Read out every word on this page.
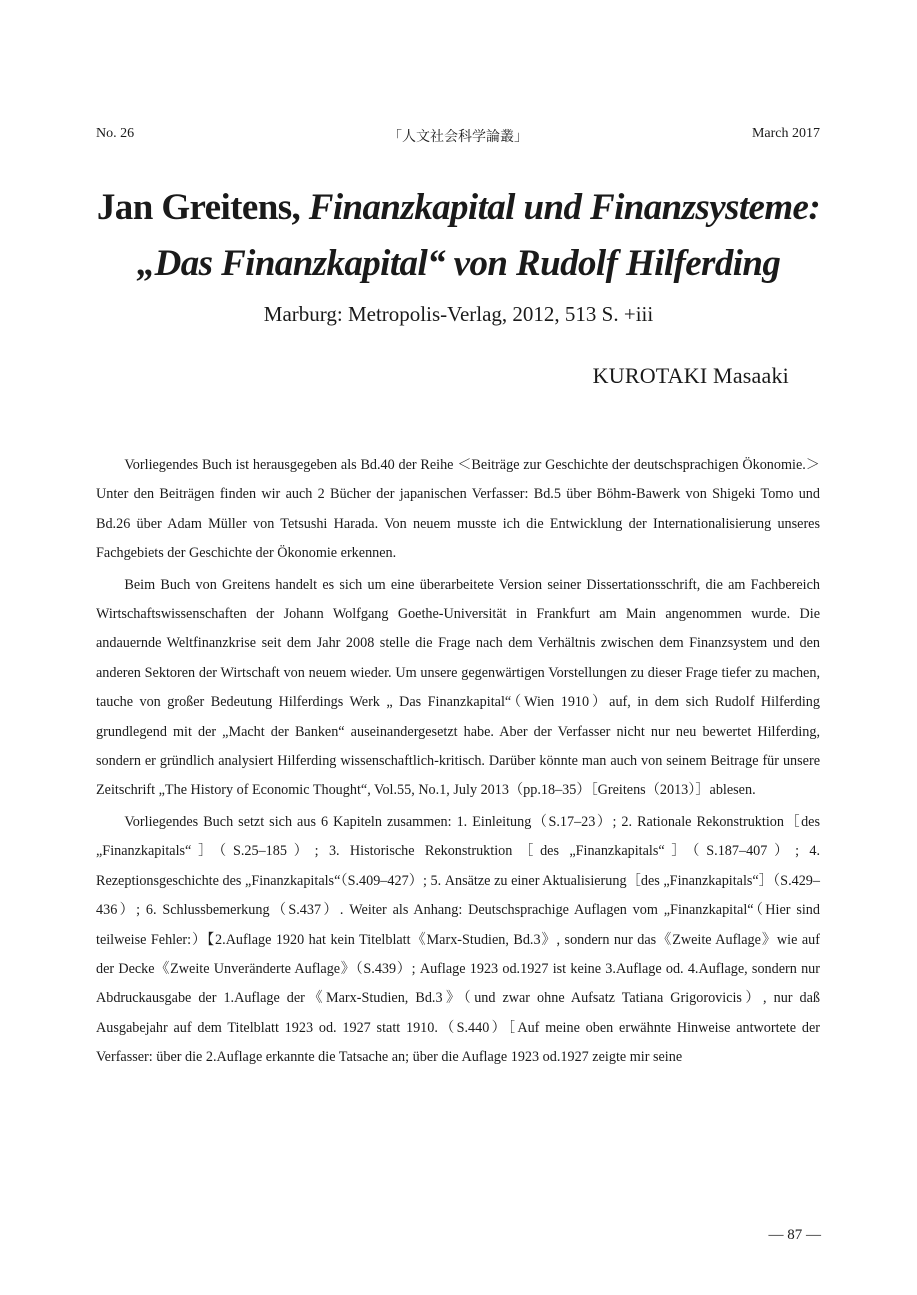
No. 26	「人文社会科学論叢」	March 2017
Jan Greitens, Finanzkapital und Finanzsysteme:
„Das Finanzkapital“ von Rudolf Hilferding
Marburg: Metropolis-Verlag, 2012, 513 S. +iii
KUROTAKI Masaaki

Vorliegendes Buch ist herausgegeben als Bd.40 der Reihe ＜Beiträge zur Geschichte der deutschsprachigen Ökonomie.＞ Unter den Beiträgen finden wir auch 2 Bücher der japanischen Verfasser: Bd.5 über Böhm-Bawerk von Shigeki Tomo und Bd.26 über Adam Müller von Tetsushi Harada. Von neuem musste ich die Entwicklung der Internationalisierung unseres Fachgebiets der Geschichte der Ökonomie erkennen.

Beim Buch von Greitens handelt es sich um eine überarbeitete Version seiner Dissertationsschrift, die am Fachbereich Wirtschaftswissenschaften der Johann Wolfgang Goethe-Universität in Frankfurt am Main angenommen wurde. Die andauernde Weltfinanzkrise seit dem Jahr 2008 stelle die Frage nach dem Verhältnis zwischen dem Finanzsystem und den anderen Sektoren der Wirtschaft von neuem wieder. Um unsere gegenwärtigen Vorstellungen zu dieser Frage tiefer zu machen, tauche von großer Bedeutung Hilferdings Werk „ Das Finanzkapital“（Wien 1910）auf, in dem sich Rudolf Hilferding grundlegend mit der „Macht der Banken“ auseinandergesetzt habe. Aber der Verfasser nicht nur neu bewertet Hilferding, sondern er gründlich analysiert Hilferding wissenschaftlich-kritisch. Darüber könnte man auch von seinem Beitrage für unsere Zeitschrift „The History of Economic Thought“, Vol.55, No.1, July 2013（pp.18–35）［Greitens（2013）］ablesen.

Vorliegendes Buch setzt sich aus 6 Kapiteln zusammen: 1. Einleitung（S.17–23）; 2. Rationale Rekonstruktion［des „Finanzkapitals“］（S.25–185）; 3. Historische Rekonstruktion［des „Finanzkapitals“］（S.187–407）; 4. Rezeptionsgeschichte des „Finanzkapitals“（S.409–427）; 5. Ansätze zu einer Aktualisierung［des „Finanzkapitals“］（S.429–436）; 6. Schlussbemerkung（S.437）. Weiter als Anhang: Deutschsprachige Auflagen vom „Finanzkapital“（Hier sind teilweise Fehler:）【2.Auflage 1920 hat kein Titelblatt《Marx-Studien, Bd.3》, sondern nur das《Zweite Auflage》wie auf der Decke《Zweite Unveränderte Auflage》（S.439）; Auflage 1923 od.1927 ist keine 3.Auflage od. 4.Auflage, sondern nur Abdruckausgabe der 1.Auflage der《Marx-Studien, Bd.3》（und zwar ohne Aufsatz Tatiana Grigorovicis）, nur daß Ausgabejahr auf dem Titelblatt 1923 od. 1927 statt 1910.（S.440）［Auf meine oben erwähnte Hinweise antwortete der Verfasser: über die 2.Auflage erkannte die Tatsache an; über die Auflage 1923 od.1927 zeigte mir seine

— 87 —
